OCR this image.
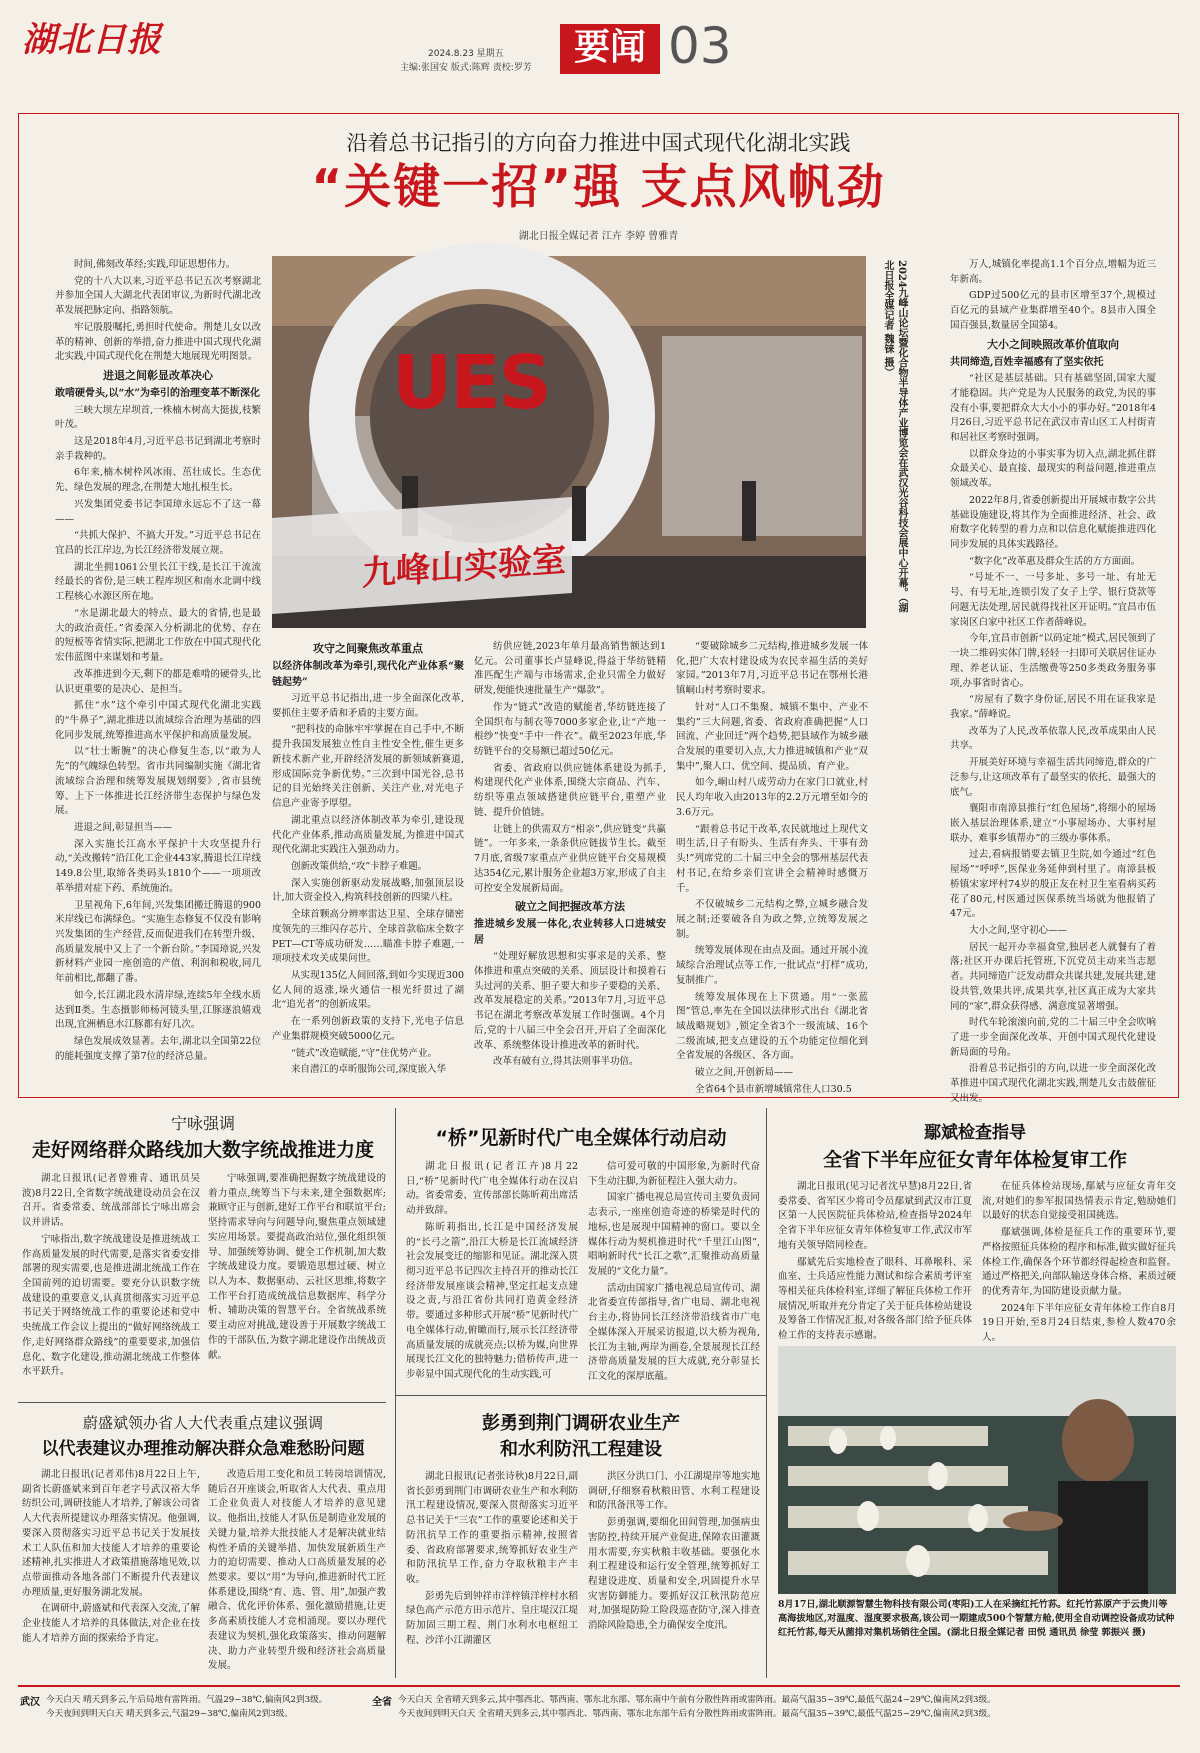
湖北日报	2024.8.23 星期五
主编:张国安 版式:陈辉 责校:罗芳	要闻 03
沿着总书记指引的方向奋力推进中国式现代化湖北实践
“关键一招”强 支点风帆劲
湖北日报全媒记者 江卉 李婷 曾雅青
UES
九峰山实验室	2024九峰山论坛暨化合物半导体产业博览会在武汉光谷科技会展中心开幕。（湖北日报全媒记者 魏铼 摄）

时间,佛刻改革经;实践,印证思想伟力。

党的十八大以来,习近平总书记五次考察湖北并参加全国人大湖北代表团审议,为新时代湖北改革发展把脉定向、指路领航。

牢记殷殷嘱托,勇担时代使命。荆楚儿女以改革的精神、创新的举措,奋力推进中国式现代化湖北实践,中国式现代化在荆楚大地展现光明图景。

进退之间彰显改革决心

敢啃硬骨头,以“水”为牵引的治理变革不断深化

三峡大坝左岸坝首,一株楠木树高大挺拔,枝繁叶茂。

这是2018年4月,习近平总书记到湖北考察时亲手栽种的。

6年来,楠木树枠风冰雨、茁壮成长。生态优先、绿色发展的理念,在荆楚大地扎根生长。

兴发集团党委书记李国璋永远忘不了这一幕——

“共抓大保护、不搞大开发。”习近平总书记在宜昌的长江岸边,为长江经济带发展立规。

湖北坐拥1061公里长江干线,是长江干流流经最长的省份,是三峡工程库坝区和南水北调中线工程核心水源区所在地。

“水是湖北最大的特点、最大的省情,也是最大的政治责任。”省委深入分析湖北的优势、存在的短板等省情实际,把湖北工作放在中国式现代化宏伟蓝图中来谋划和考量。

改革推进到今天,剩下的都是难啃的硬骨头,比认识更重要的是决心、是担当。

抓住“水”这个牵引中国式现代化湖北实践的“牛鼻子”,湖北推进以流域综合治理为基础的四化同步发展,统筹推进高水平保护和高质量发展。

以“壮士断腕”的决心修复生态,以“敢为人先”的气魄绿色转型。省市共同编制实施《湖北省流域综合治理和统筹发展规划纲要》,省市县统筹、上下一体推进长江经济带生态保护与绿色发展。

进退之间,彰显担当——

深入实施长江高水平保护十大攻坚提升行动,“关改搬转”沿江化工企业443家,腾退长江岸线149.8公里,取缔各类码头1810个——一项项改革举措对症下药、系统施治。

卫星视角下,6年间,兴发集团搬迁腾退的900米岸线已布满绿色。“实施生态修复不仅没有影响兴发集团的生产经营,反而促进我们在转型升级、高质量发展中又上了一个新台阶。”李国璋说,兴发新材料产业园一座创造的产值、利润和税收,同几年前相比,都翻了番。

如今,长江湖北段水清岸绿,连续5年全线水质达到Ⅱ类。生态摄影师杨河镜头里,江豚逐浪嬉戏出现,宜洲栖息水江豚都有好几次。

绿色发展成效显著。去年,湖北以全国第22位的能耗强度支撑了第7位的经济总量。

攻守之间聚焦改革重点

以经济体制改革为牵引,现代化产业体系“聚链起势”

习近平总书记指出,进一步全面深化改革,要抓住主要矛盾和矛盾的主要方面。

“把科技的命脉牢牢掌握在自己手中,不断提升我国发展独立性自主性安全性,催生更多新技术新产业,开辟经济发展的新领域新赛道,形成国际竞争新优势。”三次到中国光谷,总书记的目光始终关注创新、关注产业,对光电子信息产业寄予厚望。

湖北重点以经济体制改革为牵引,建设现代化产业体系,推动高质量发展,为推进中国式现代化湖北实践注入强劲动力。

创新改策供给,“攻”卡脖子难题。

深入实施创新驱动发展战略,加强顶层设计,加大资金投入,构筑科技创新的四梁八柱。

全球首颗高分辨率雷达卫星、全球存储密度领先的三维闪存芯片、全球首款临床全数字PET—CT等成功研发……瞄准卡脖子难题,一项项技术攻关成果问世。

从实现135亿人间回落,到如今实现近300亿人间的返涨,垛火通信一根光纤贯过了湖北“追光者”的创新成果。

在一系列创新政策的支持下,光电子信息产业集群规模突破5000亿元。

“链式”改造赋能,“守”住优势产业。

来自潜江的卓昕服饰公司,深度嵌入华

纺供应链,2023年单月最高销售额达到1亿元。公司董事长卢显峰说,得益于华纺链精准匹配生产端与市场需求,企业只需全力做好研发,便能快速批量生产“爆款”。

作为“链式”改造的赋能者,华纺链连接了全国织布与制衣等7000多家企业,让“产地一根纱”快变“手中一件衣”。截至2023年底,华纺链平台的交易额已超过50亿元。

省委、省政府以供应链体系建设为抓手,构建现代化产业体系,围绕大宗商品、汽车、纺织等重点领域搭建供应链平台,重塑产业链、提升价值链。

让链上的供需双方“相亲”,供应链变“共赢链”。一年多来,一条条供应链拔节生长。截至7月底,省级7家重点产业供应链平台交易规模达354亿元,累计服务企业超3万家,形成了自主可控安全发展新局面。

破立之间把握改革方法

推进城乡发展一体化,农业转移人口进城安居

“处理好解放思想和实事求是的关系、整体推进和重点突破的关系、顶层设计和摸着石头过河的关系、胆子要大和步子要稳的关系、改革发展稳定的关系。”2013年7月,习近平总书记在湖北考察改革发展工作时强调。4个月后,党的十八届三中全会召开,开启了全面深化改革、系统整体设计推进改革的新时代。

改革有破有立,得其法则事半功倍。

“要破除城乡二元结构,推进城乡发展一体化,把广大农村建设成为农民幸福生活的美好家园。”2013年7月,习近平总书记在鄂州长港镇峒山村考察时要求。

针对“人口不集聚、城镇不集中、产业不集约”三大问题,省委、省政府准确把握“人口回流、产业回迁”两个趋势,把县域作为城乡融合发展的重要切入点,大力推进城镇和产业“双集中”,聚人口、优空间、提品质、育产业。

如今,峒山村八成劳动力在家门口就业,村民人均年收入由2013年的2.2万元增至如今的3.6万元。

“跟着总书记干改革,农民就地过上现代文明生活,日子有盼头、生活有奔头、干事有劲头!”列席党的二十届三中全会的鄂州基层代表村书记,在给乡亲们宣讲全会精神时感慨万千。

不仅破城乡二元结构之弊,立城乡融合发展之制;还要破各自为政之弊,立统筹发展之制。

统筹发展体现在由点及面。通过开展小流域综合治理试点等工作,一批试点“打样”成功,复制推广。

统筹发展体现在上下贯通。用“一张蓝图”管总,率先在全国以法律形式出台《湖北省域战略规划》,锁定全省3个一级流域、16个二级流域,把支点建设的五个功能定位细化到全省发展的各级区、各方面。

破立之间,开创新局——

全省64个县市新增城镇常住人口30.5

万人,城镇化率提高1.1个百分点,增幅为近三年新高。

GDP过500亿元的县市区增至37个,规模过百亿元的县域产业集群增至40个。8县市入围全国百强县,数量居全国第4。

大小之间映照改革价值取向

共同缔造,百姓幸福感有了坚实依托

“社区是基层基础。只有基础坚固,国家大厦才能稳固。共产党是为人民服务的政党,为民的事没有小事,要把群众大大小小的事办好。”2018年4月26日,习近平总书记在武汉市青山区工人村街青和居社区考察时强调。

以群众身边的小事实事为切入点,湖北抓住群众最关心、最直接、最现实的利益问题,推进重点领域改革。

2022年8月,省委创新提出开展城市数字公共基础设施建设,将其作为全面推进经济、社会、政府数字化转型的着力点和以信息化赋能推进四化同步发展的具体实践路径。

“数字化”改革惠及群众生活的方方面面。

“号址不一、一号多址、多号一址、有址无号、有号无址,连锁引发了女子上学、银行贷款等问题无法处理,居民就得找社区开证明。”宜昌市伍家岗区白家中社区工作者薛峰说。

今年,宜昌市创新“以码定址”模式,居民领到了一块二维码实体门牌,轻轻一扫即可关联居住证办理、养老认证、生活缴费等250多类政务服务事项,办事省时省心。

“房屋有了数字身份证,居民不用在证我家是我家。”薛峰说。

改革为了人民,改革依靠人民,改革成果由人民共享。

开展美好环境与幸福生活共同缔造,群众的广泛参与,让这项改革有了最坚实的依托、最强大的底气。

襄阳市南漳县推行“红色屋场”,将细小的屋场嵌入基层治理体系,建立“小事屋场办、大事村屋联办、难事乡镇帮办”的三级办事体系。

过去,看病报销要去镇卫生院,如今通过“红色屋场”“呼呼”,医保业务延伸到村里了。南漳县板桥镇宋家坪村74岁的殷正友在村卫生室看病买药花了80元,村医通过医保系统当场就为他报销了47元。

大小之间,坚守初心——

居民一起开办幸福食堂,独居老人就餐有了着落;社区开办课后托管班,下沉党员主动来当志愿者。共同缔造广泛发动群众共谋共建,发展共建,建设共管,效果共评,成果共享,社区真正成为大家共同的“家”,群众获得感、满意度显著增强。

时代车轮滚滚向前,党的二十届三中全会吹响了进一步全面深化改革、开创中国式现代化建设新局面的号角。

沿着总书记指引的方向,以进一步全面深化改革推进中国式现代化湖北实践,荆楚儿女击鼓催征又出发。

宁咏强调
走好网络群众路线加大数字统战推进力度

湖北日报讯(记者曾雅青、通讯员吴波)8月22日,全省数字统战建设动员会在汉召开。省委常委、统战部部长宁咏出席会议并讲话。

宁咏指出,数字统战建设是推进统战工作高质量发展的时代需要,是落实省委安排部署的现实需要,也是推进湖北统战工作在全国前列的迫切需要。要充分认识数字统战建设的重要意义,认真贯彻落实习近平总书记关于网络统战工作的重要论述和党中央统战工作会议上提出的“做好网络统战工作,走好网络群众路线”的重要要求,加强信息化、数字化建设,推动湖北统战工作整体水平跃升。

宁咏强调,要准确把握数字统战建设的着力重点,统筹当下与未来,建全强数据库;兼顾守正与创新,建好工作平台和联谊平台;坚持需求导向与问题导向,聚焦重点领域建实应用场景。要提高政治站位,强化组织领导、加强统筹协调、健全工作机制,加大数字统战建设力度。要锻造思想过硬、树立以人为本、数据驱动、云社区思维,将数字工作平台打造成统战信息数据库、科学分析、辅助决策的智慧平台。全省统战系统要主动应对挑战,建设善于开展数字统战工作的干部队伍,为数字湖北建设作出统战贡献。

蔚盛斌领办省人大代表重点建议强调
以代表建议办理推动解决群众急难愁盼问题

湖北日报讯(记者邓伟)8月22日上午,副省长蔚盛斌来到百年老字号武汉裕大华纺织公司,调研技能人才培养,了解该公司省人大代表所提建议办理落实情况。他强调,要深入贯彻落实习近平总书记关于发展技术工人队伍和加大技能人才培养的重要论述精神,扎实推进人才政策措施落地见效,以点带面推动各地各部门不断提升代表建议办理质量,更好服务湖北发展。

在调研中,蔚盛斌和代表深入交流,了解企业技能人才培养的具体做法,对企业在技能人才培养方面的探索给予肯定。

改造后用工变化和员工转岗培训情况,随后召开座谈会,听取省人大代表、重点用工企业负责人对技能人才培养的意见建议。他指出,技能人才队伍是制造业发展的关键力量,培养大批技能人才是解决就业结构性矛盾的关键举措、加快发展新质生产力的迫切需要、推动人口高质量发展的必然要求。要以“用”为导向,推进新时代工匠体系建设,围绕“育、选、管、用”,加强产教融合、优化评价体系、强化激励措施,让更多高素质技能人才竞相涌现。要以办理代表建议为契机,强化政策落实、推动问题解决、助力产业转型升级和经济社会高质量发展。

“桥”见新时代广电全媒体行动启动

湖北日报讯(记者江卉)8月22日,“桥”见新时代广电全媒体行动在汉启动。省委常委、宣传部部长陈昕莉出席活动并致辞。

陈昕莉指出,长江是中国经济发展的“长弓之箭”,沿江大桥是长江流域经济社会发展变迁的缩影和见证。湖北深入贯彻习近平总书记四次主持召开的推动长江经济带发展座谈会精神,坚定扛起支点建设之责,与沿江省份共同打造黄金经济带。要通过多种形式开展“桥”见新时代广电全媒体行动,俯瞰而行,展示长江经济带高质量发展的成就亮点;以桥为媒,向世界展现长江文化的独特魅力;借桥传声,进一步彰显中国式现代化的生动实践,可

信可爱可敬的中国形象,为新时代奋下生动注脚,为新征程注入强大动力。

国家广播电视总局宣传司主要负责同志表示,一座座创造奇迹的桥梁是时代的地标,也是展现中国精神的窗口。要以全媒体行动为契机推进时代“千里江山图”,唱响新时代“长江之歌”,汇聚推动高质量发展的“文化力量”。

活动由国家广播电视总局宣传司、湖北省委宣传部指导,省广电局、湖北电视台主办,将协同长江经济带沿线省市广电全媒体深入开展采访报道,以大桥为视角,长江为主轴,两岸为画卷,全景展现长江经济带高质量发展的巨大成就,充分彰显长江文化的深厚底蕴。

彭勇到荆门调研农业生产
和水利防汛工程建设

湖北日报讯(记者张诗秋)8月22日,副省长彭勇到荆门市调研农业生产和水利防汛工程建设情况,要深入贯彻落实习近平总书记关于“三农”工作的重要论述和关于防汛抗旱工作的重要指示精神,按照省委、省政府部署要求,统筹抓好农业生产和防汛抗旱工作,奋力夺取秋粮丰产丰收。

彭勇先后到钟祥市洋梓镇洋梓村水稻绿色高产示范方田示范片、皇庄堤汉江堤防加固三期工程、荆门水利水电枢纽工程、沙洋小江湖灌区

洪区分洪口门、小江湖堤岸等地实地调研,仔细察看秋粮田管、水利工程建设和防汛备汛等工作。

彭勇强调,要细化田间管理,加强病虫害防控,持续开展产业促进,保障农田灌溉用水需要,夯实秋粮丰收基础。要强化水利工程建设和运行安全管理,统筹抓好工程建设进度、质量和安全,巩固提升水旱灾害防御能力。要抓好汉江秋汛防范应对,加强堤防险工险段巡查防守,深入排查消除风险隐患,全力确保安全度汛。

鄢斌检查指导
全省下半年应征女青年体检复审工作

湖北日报讯(见习记者沈早慧)8月22日,省委常委、省军区少将司令员鄢斌到武汉市江夏区第一人民医院征兵体检站,检查指导2024年全省下半年应征女青年体检复审工作,武汉市军地有关领导陪同检查。

鄢斌先后实地检查了眼科、耳鼻喉科、采血室、士兵适应性能力测试和综合素质考评室等相关征兵体检科室,详细了解征兵体检工作开展情况,听取并充分肯定了关于征兵体检站建设及筹备工作情况汇报,对各级各部门给予征兵体检工作的支持表示感谢。

在征兵体检站现场,鄢斌与应征女青年交流,对她们的参军报国热情表示肯定,勉励她们以最好的状态自觉接受祖国挑选。

鄢斌强调,体检是征兵工作的重要环节,要严格按照征兵体检的程序和标准,做实做好征兵体检工作,确保各个环节都经得起检查和监督。通过严格把关,向部队输送身体合格、素质过硬的优秀青年,为国防建设贡献力量。

2024年下半年应征女青年体检工作自8月19日开始,至8月24日结束,参检人数470余人。

8月17日,湖北顺源智慧生物科技有限公司(枣阳)工人在采摘红托竹荪。红托竹荪原产于云贵川等高海拔地区,对温度、湿度要求极高,该公司一期建成500个智慧方舱,使用全自动调控设备成功试种红托竹荪,每天从菌排对集机场销往全国。(湖北日报全媒记者 田悦 通讯员 徐莹 郭振兴 摄)
武汉 今天白天 晴天到多云,午后局地有雷阵雨。气温29~38℃,偏南风2到3级。
今天夜间到明天白天 晴天到多云,气温29~38℃,偏南风2到3级。
全省 今天白天 全省晴天到多云,其中鄂西北、鄂西南、鄂东北东部、鄂东南中午前有分散性阵雨或雷阵雨。最高气温35~39℃,最低气温24~29℃,偏南风2到3级。
今天夜间到明天白天 全省晴天到多云,其中鄂西北、鄂西南、鄂东北东部午后有分散性阵雨或雷阵雨。最高气温35~39℃,最低气温25~29℃,偏南风2到3级。
